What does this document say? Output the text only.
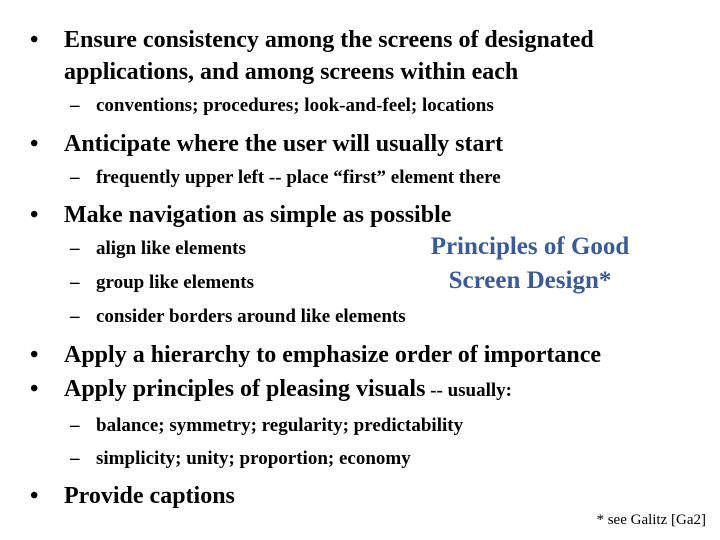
• Ensure consistency among the screens of designated
applications, and among screens within each
– conventions; procedures; look-and-feel; locations
• Anticipate where the user will usually start
– frequently upper left -- place “first” element there
• Make navigation as simple as possible
– align like elements
– group like elements
– consider borders around like elements
Principles of Good
Screen Design*
• Apply a hierarchy to emphasize order of importance
• Apply principles of pleasing visuals -- usually:
– balance; symmetry; regularity; predictability
– simplicity; unity; proportion; economy
• Provide captions
* see Galitz [Ga2]
